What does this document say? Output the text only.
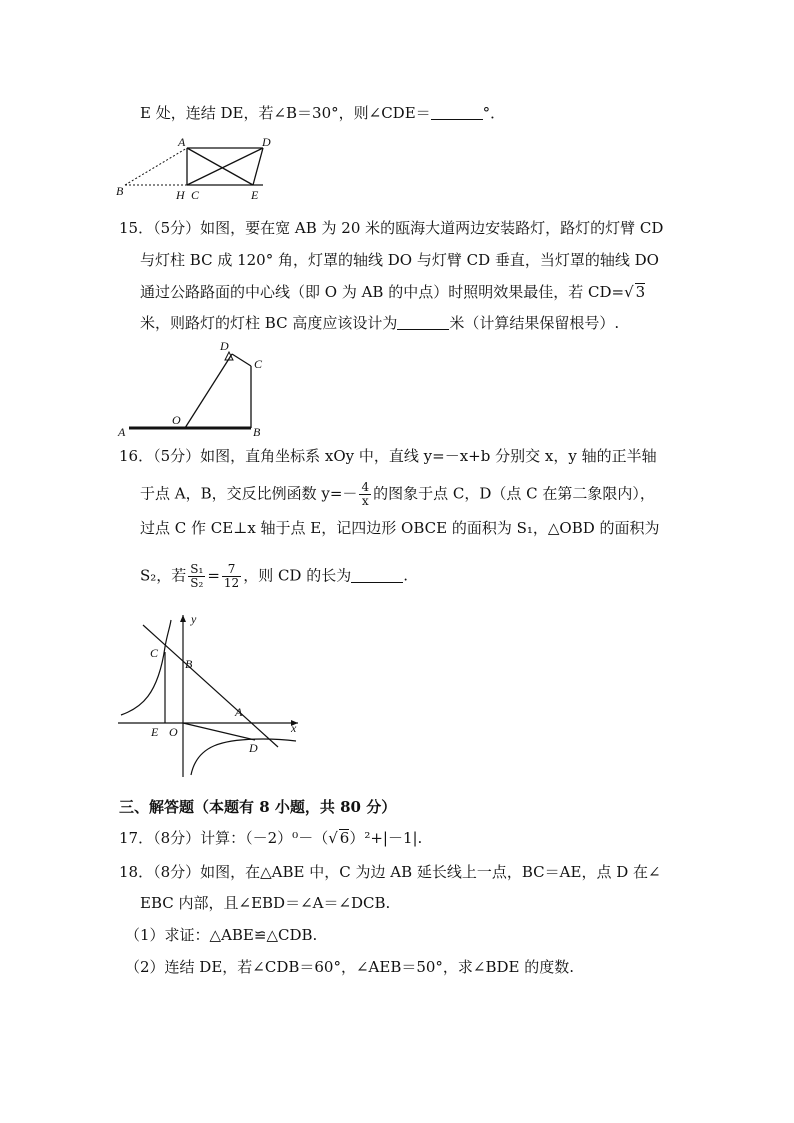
E 处，连结 DE，若∠B＝30°，则∠CDE＝	°．
A	D
B	H C	E
15．（5分）如图，要在宽 AB 为 20 米的瓯海大道两边安装路灯，路灯的灯臂 CD
与灯柱 BC 成 120° 角，灯罩的轴线 DO 与灯臂 CD 垂直，当灯罩的轴线 DO
通过公路路面的中心线（即 O 为 AB 的中点）时照明效果最佳，若 CD=√ 3
米，则路灯的灯柱 BC 高度应该设计为	米（计算结果保留根号）.
D
C
O
A	B
16．（5分）如图，直角坐标系 xOy 中，直线 y=－x+b 分别交 x，y 轴的正半轴
于点 A，B，交反比例函数 $y=- \frac{4}{x}$ 的图象于点 C，D（点 C 在第二象限内），
过点 C 作 CE⊥x 轴于点 E，记四边形 OBCE 的面积为 S₁，△OBD 的面积为
S₂，若 $\frac{\text{S₁}}{\text{S₂}} = \frac{7}{12}$ ，则 CD 的长为	.
y
C
B
A
x
E O
D
三、解答题（本题有 8 小题，共 80 分）
17．（8分）计算：（－2）⁰－（√ 6）²+|－1|.
18．（8分）如图，在△ABE 中，C 为边 AB 延长线上一点，BC＝AE，点 D 在∠
EBC 内部，且∠EBD＝∠A＝∠DCB.
（1）求证：△ABE≌△CDB.
（2）连结 DE，若∠CDB＝60°，∠AEB＝50°，求∠BDE 的度数.
